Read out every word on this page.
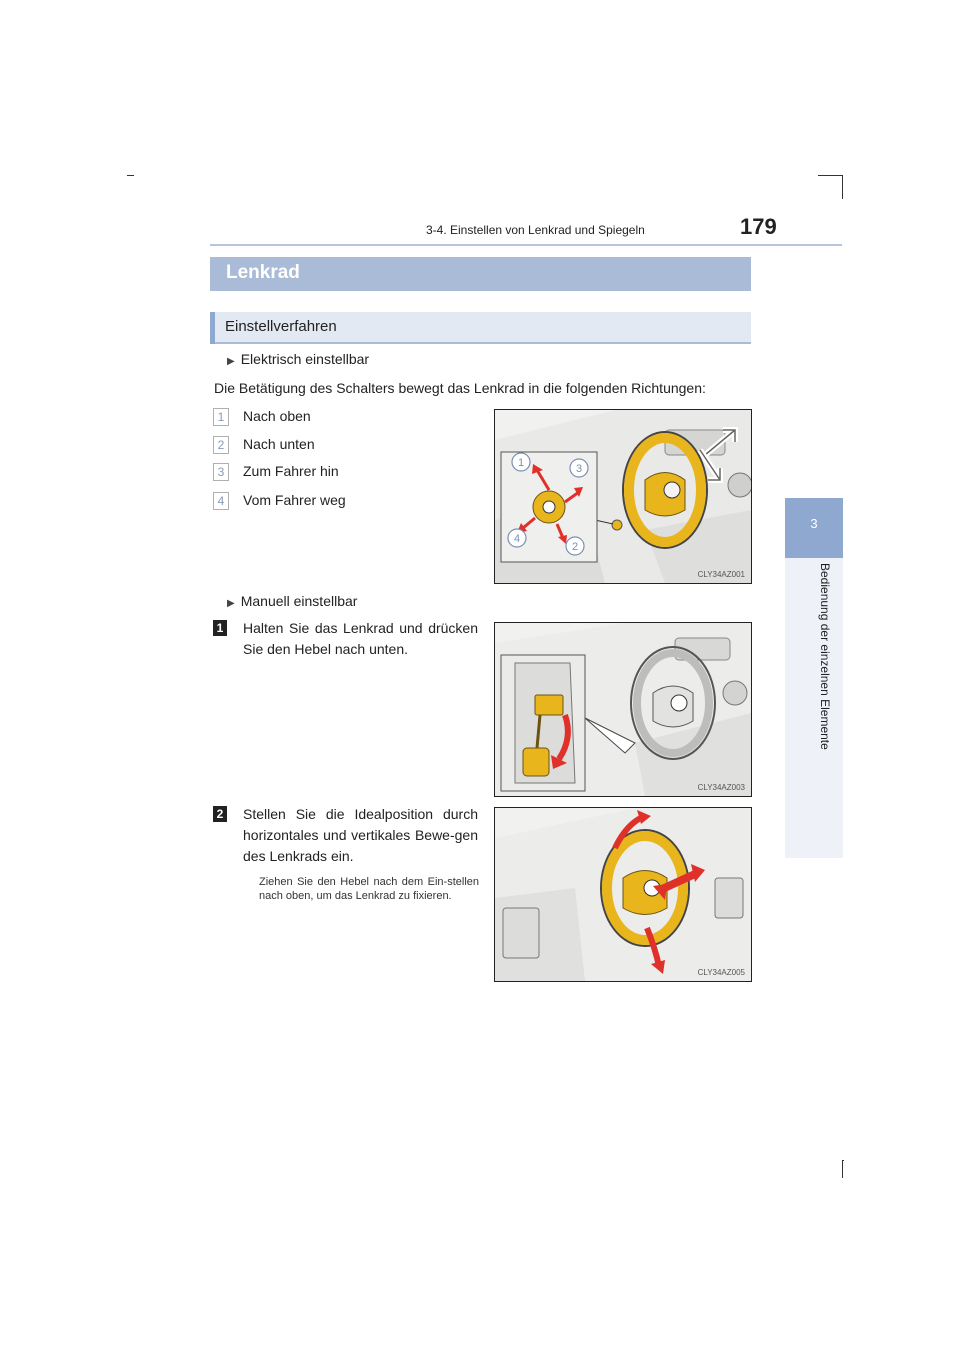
3-4. Einstellen von Lenkrad und Spiegeln	179
3
Bedienung der einzelnen Elemente
Lenkrad
Einstellverfahren
▶ Elektrisch einstellbar
Die Betätigung des Schalters bewegt das Lenkrad in die folgenden Richtungen:
1	Nach oben
2	Nach unten
3	Zum Fahrer hin
4	Vom Fahrer weg
1	3
4
2
CLY34AZ001
▶ Manuell einstellbar
1 Halten Sie das Lenkrad und drücken Sie den Hebel nach unten.
CLY34AZ003
2 Stellen Sie die Idealposition durch horizontales und vertikales Bewe-gen des Lenkrads ein.
Ziehen Sie den Hebel nach dem Ein-stellen nach oben, um das Lenkrad zu fixieren.
CLY34AZ005
